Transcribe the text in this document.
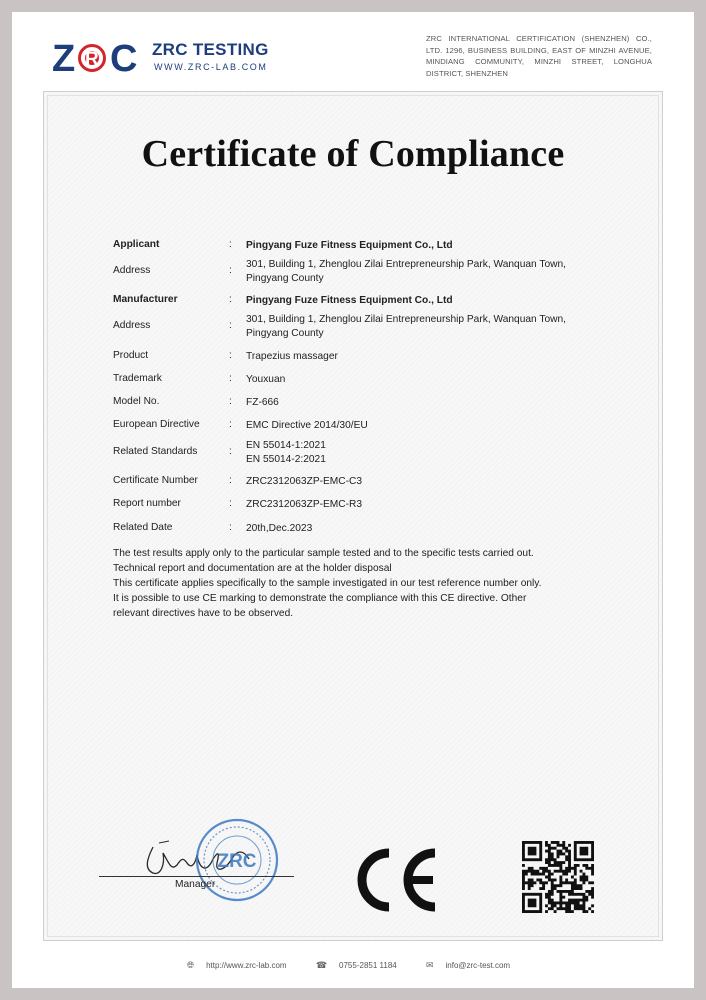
Z R C ZRC TESTING
WWW.ZRC-LAB.COM
ZRC INTERNATIONAL CERTIFICATION (SHENZHEN) CO., LTD. 1296, BUSINESS BUILDING, EAST OF MINZHI AVENUE, MINDIANG COMMUNITY, MINZHI STREET, LONGHUA DISTRICT, SHENZHEN
Certificate of Compliance
Applicant	: Pingyang Fuze Fitness Equipment Co., Ltd
Address	:
301, Building 1, Zhenglou Zilai Entrepreneurship Park, Wanquan Town,
Pingyang County
Manufacturer	: Pingyang Fuze Fitness Equipment Co., Ltd
Address	:
301, Building 1, Zhenglou Zilai Entrepreneurship Park, Wanquan Town,
Pingyang County
Product	: Trapezius massager
Trademark	: Youxuan
Model No.	: FZ-666
European Directive	: EMC Directive 2014/30/EU
Related Standards	:
EN 55014-1:2021
EN 55014-2:2021
Certificate Number	: ZRC2312063ZP-EMC-C3
Report number	: ZRC2312063ZP-EMC-R3
Related Date	: 20th,Dec.2023
The test results apply only to the particular sample tested and to the specific tests carried out.
Technical report and documentation are at the holder disposal
This certificate applies specifically to the sample investigated in our test reference number only.
It is possible to use CE marking to demonstrate the compliance with this CE directive. Other
relevant directives have to be observed.
ZRC
Manager
🌐︎ http://www.zrc-lab.com	☎ 0755-2851 1184	✉ info@zrc-test.com
